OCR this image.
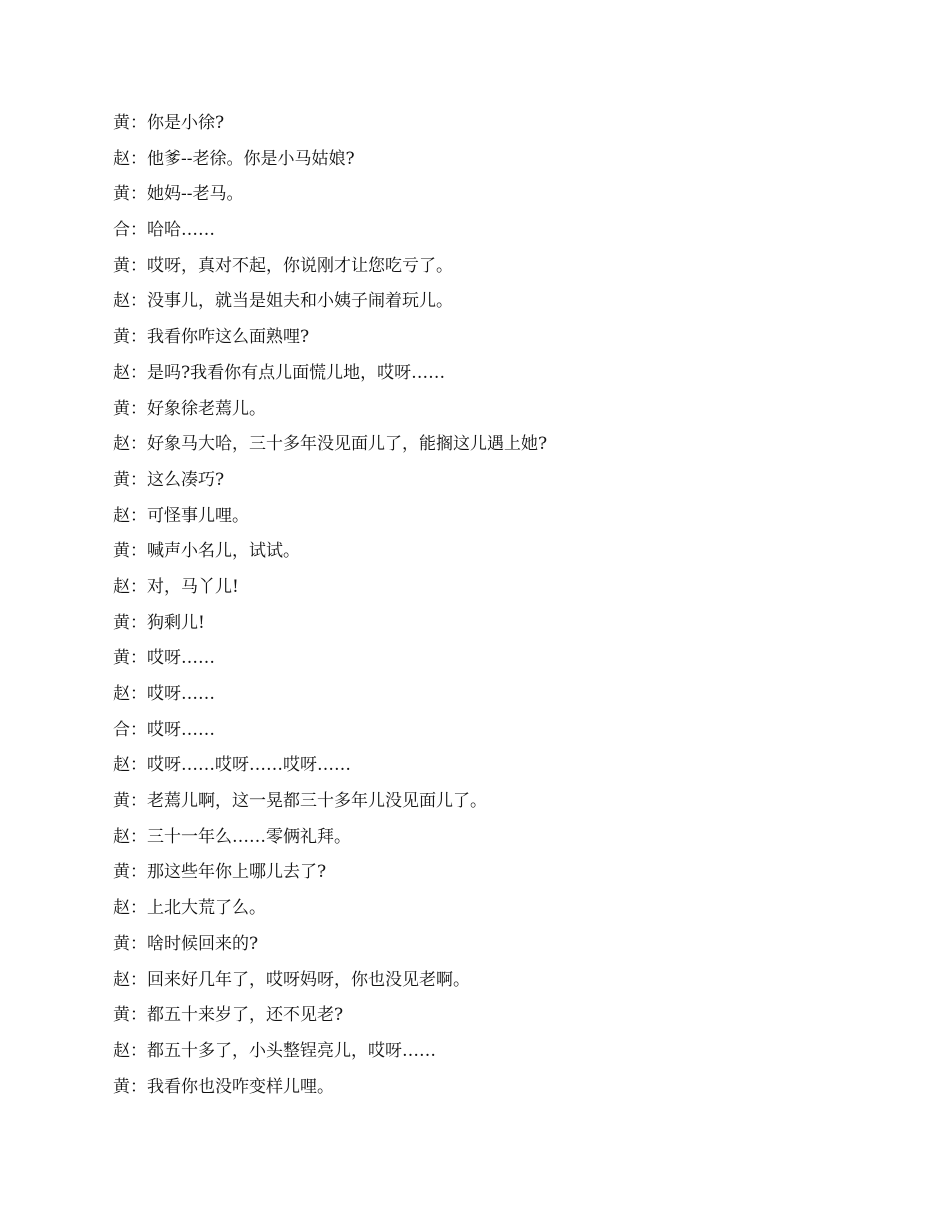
黄：你是小徐?
赵：他爹--老徐。你是小马姑娘?
黄：她妈--老马。
合：哈哈……
黄：哎呀，真对不起，你说刚才让您吃亏了。
赵：没事儿，就当是姐夫和小姨子闹着玩儿。
黄：我看你咋这么面熟哩?
赵：是吗?我看你有点儿面慌儿地，哎呀……
黄：好象徐老蔫儿。
赵：好象马大哈，三十多年没见面儿了，能搁这儿遇上她?
黄：这么凑巧?
赵：可怪事儿哩。
黄：喊声小名儿，试试。
赵：对，马丫儿!
黄：狗剩儿!
黄：哎呀……
赵：哎呀……
合：哎呀……
赵：哎呀……哎呀……哎呀……
黄：老蔫儿啊，这一晃都三十多年儿没见面儿了。
赵：三十一年么……零俩礼拜。
黄：那这些年你上哪儿去了?
赵：上北大荒了么。
黄：啥时候回来的?
赵：回来好几年了，哎呀妈呀，你也没见老啊。
黄：都五十来岁了，还不见老?
赵：都五十多了，小头整锃亮儿，哎呀……
黄：我看你也没咋变样儿哩。
